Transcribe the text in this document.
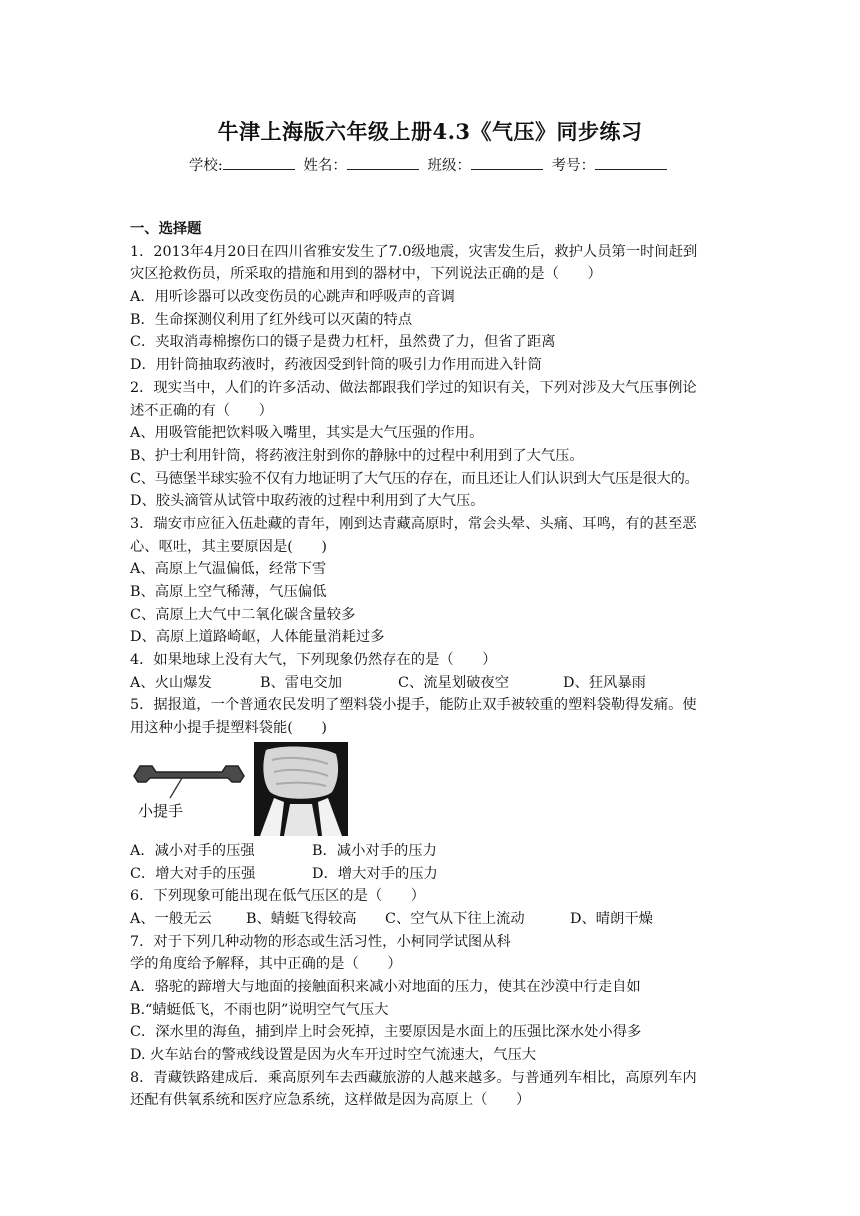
牛津上海版六年级上册4.3《气压》同步练习
学校:	姓名：	班级：	考号：
一、选择题
1．2013年4月20日在四川省雅安发生了7.0级地震，灾害发生后，救护人员第一时间赶到
灾区抢救伤员，所采取的措施和用到的器材中，下列说法正确的是（　　）
A．用听诊器可以改变伤员的心跳声和呼吸声的音调
B．生命探测仪利用了红外线可以灭菌的特点
C．夹取消毒棉擦伤口的镊子是费力杠杆，虽然费了力，但省了距离
D．用针筒抽取药液时，药液因受到针筒的吸引力作用而进入针筒
2．现实当中，人们的许多活动、做法都跟我们学过的知识有关，下列对涉及大气压事例论
述不正确的有（　　）
A、用吸管能把饮料吸入嘴里，其实是大气压强的作用。
B、护士利用针筒，将药液注射到你的静脉中的过程中利用到了大气压。
C、马德堡半球实验不仅有力地证明了大气压的存在，而且还让人们认识到大气压是很大的。
D、胶头滴管从试管中取药液的过程中利用到了大气压。
3．瑞安市应征入伍赴藏的青年，刚到达青藏高原时，常会头晕、头痛、耳鸣，有的甚至恶
心、呕吐，其主要原因是(　　)
A、高原上气温偏低，经常下雪
B、高原上空气稀薄，气压偏低
C、高原上大气中二氧化碳含量较多
D、高原上道路崎岖，人体能量消耗过多
4．如果地球上没有大气，下列现象仍然存在的是（　　）
A、火山爆发	B、雷电交加	C、流星划破夜空	D、狂风暴雨
5．据报道，一个普通农民发明了塑料袋小提手，能防止双手被较重的塑料袋勒得发痛。使
用这种小提手提塑料袋能(　　)
小提手
A．减小对手的压强	B．减小对手的压力
C．增大对手的压强	D．增大对手的压力
6．下列现象可能出现在低气压区的是（　　）
A、一般无云	B、蜻蜓飞得较高	C、空气从下往上流动	D、晴朗干燥
7．对于下列几种动物的形态或生活习性，小柯同学试图从科
学的角度给予解释，其中正确的是（　　）
A．骆驼的蹄增大与地面的接触面积来减小对地面的压力，使其在沙漠中行走自如
B.“蜻蜓低飞，不雨也阴”说明空气气压大
C．深水里的海鱼，捕到岸上时会死掉，主要原因是水面上的压强比深水处小得多
D. 火车站台的警戒线设置是因为火车开过时空气流速大，气压大
8．青藏铁路建成后．乘高原列车去西藏旅游的人越来越多。与普通列车相比，高原列车内
还配有供氧系统和医疗应急系统，这样做是因为高原上（　　）
